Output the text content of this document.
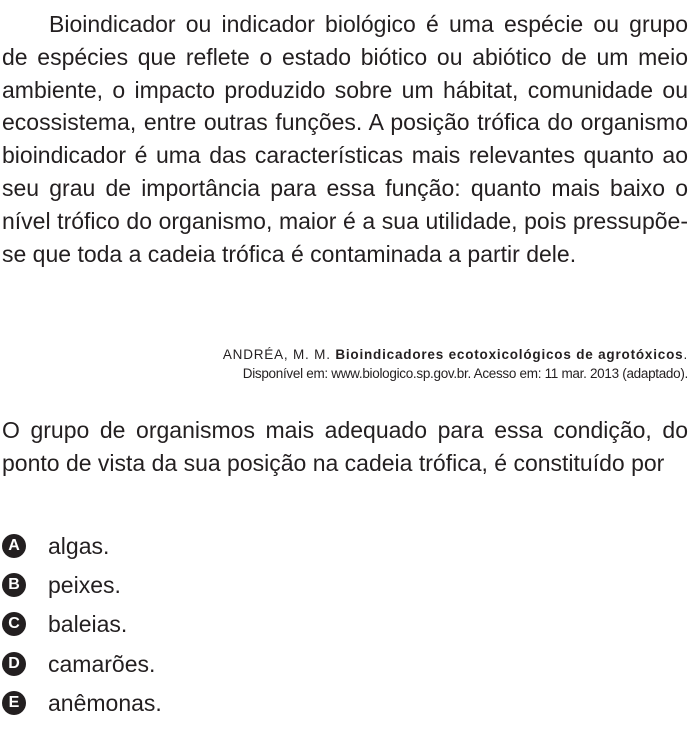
Bioindicador ou indicador biológico é uma espécie ou grupo de espécies que reflete o estado biótico ou abiótico de um meio ambiente, o impacto produzido sobre um hábitat, comunidade ou ecossistema, entre outras funções. A posição trófica do organismo bioindicador é uma das características mais relevantes quanto ao seu grau de importância para essa função: quanto mais baixo o nível trófico do organismo, maior é a sua utilidade, pois pressupõe-se que toda a cadeia trófica é contaminada a partir dele.

ANDRÉA, M. M. Bioindicadores ecotoxicológicos de agrotóxicos.
Disponível em: www.biologico.sp.gov.br. Acesso em: 11 mar. 2013 (adaptado).

O grupo de organismos mais adequado para essa condição, do ponto de vista da sua posição na cadeia trófica, é constituído por

A algas.
B peixes.
C baleias.
D camarões.
E anêmonas.
